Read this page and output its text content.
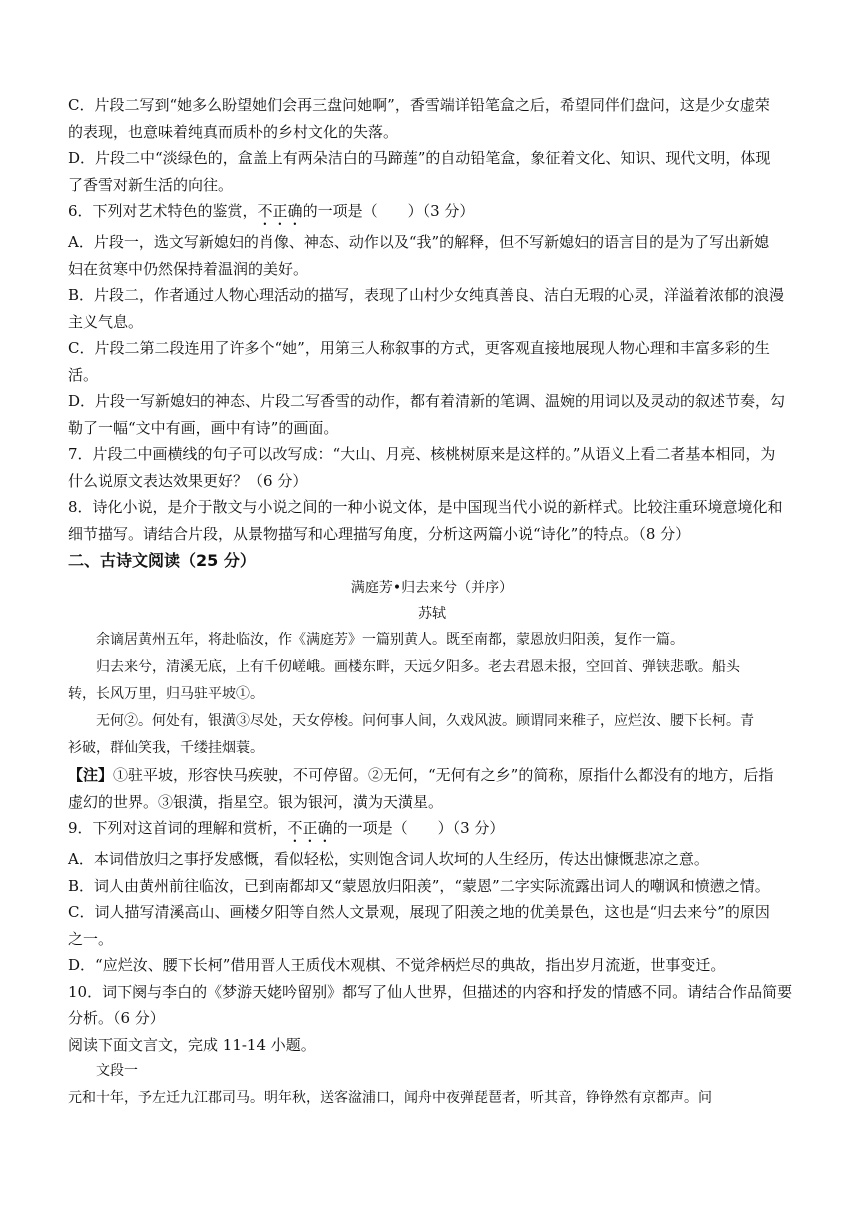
C．片段二写到“她多么盼望她们会再三盘问她啊”，香雪端详铅笔盒之后，希望同伴们盘问，这是少女虚荣

的表现，也意味着纯真而质朴的乡村文化的失落。

D．片段二中“淡绿色的，盒盖上有两朵洁白的马蹄莲”的自动铅笔盒，象征着文化、知识、现代文明，体现

了香雪对新生活的向往。

6．下列对艺术特色的鉴赏，不正确的一项是（　　）（3 分）

A．片段一，选文写新媳妇的肖像、神态、动作以及“我”的解释，但不写新媳妇的语言目的是为了写出新媳

妇在贫寒中仍然保持着温润的美好。

B．片段二，作者通过人物心理活动的描写，表现了山村少女纯真善良、洁白无瑕的心灵，洋溢着浓郁的浪漫

主义气息。

C．片段二第二段连用了许多个“她”，用第三人称叙事的方式，更客观直接地展现人物心理和丰富多彩的生

活。

D．片段一写新媳妇的神态、片段二写香雪的动作，都有着清新的笔调、温婉的用词以及灵动的叙述节奏，勾

勒了一幅“文中有画，画中有诗”的画面。

7．片段二中画横线的句子可以改写成：“大山、月亮、核桃树原来是这样的。”从语义上看二者基本相同，为

什么说原文表达效果更好？（6 分）

8．诗化小说，是介于散文与小说之间的一种小说文体，是中国现当代小说的新样式。比较注重环境意境化和

细节描写。请结合片段，从景物描写和心理描写角度，分析这两篇小说“诗化”的特点。（8 分）

二、古诗文阅读（25 分）

满庭芳•归去来兮（并序）

苏轼

余谪居黄州五年，将赴临汝，作《满庭芳》一篇别黄人。既至南都，蒙恩放归阳羡，复作一篇。

归去来兮，清溪无底，上有千仞嵯峨。画楼东畔，天远夕阳多。老去君恩未报，空回首、弹铗悲歌。船头

转，长风万里，归马驻平坡①。

无何②。何处有，银潢③尽处，天女停梭。问何事人间，久戏风波。顾谓同来稚子，应烂汝、腰下长柯。青

衫破，群仙笑我，千缕挂烟蓑。

【注】①驻平坡，形容快马疾驶，不可停留。②无何，“无何有之乡”的简称，原指什么都没有的地方，后指

虚幻的世界。③银潢，指星空。银为银河，潢为天潢星。

9．下列对这首词的理解和赏析，不正确的一项是（　　）（3 分）

A．本词借放归之事抒发感慨，看似轻松，实则饱含词人坎坷的人生经历，传达出慷慨悲凉之意。

B．词人由黄州前往临汝，已到南都却又“蒙恩放归阳羡”，“蒙恩”二字实际流露出词人的嘲讽和愤懑之情。

C．词人描写清溪高山、画楼夕阳等自然人文景观，展现了阳羡之地的优美景色，这也是“归去来兮”的原因

之一。

D．“应烂汝、腰下长柯”借用晋人王质伐木观棋、不觉斧柄烂尽的典故，指出岁月流逝，世事变迁。

10．词下阕与李白的《梦游天姥吟留别》都写了仙人世界，但描述的内容和抒发的情感不同。请结合作品简要

分析。（6 分）

阅读下面文言文，完成 11-14 小题。

文段一

元和十年，予左迁九江郡司马。明年秋，送客湓浦口，闻舟中夜弹琵琶者，听其音，铮铮然有京都声。问
